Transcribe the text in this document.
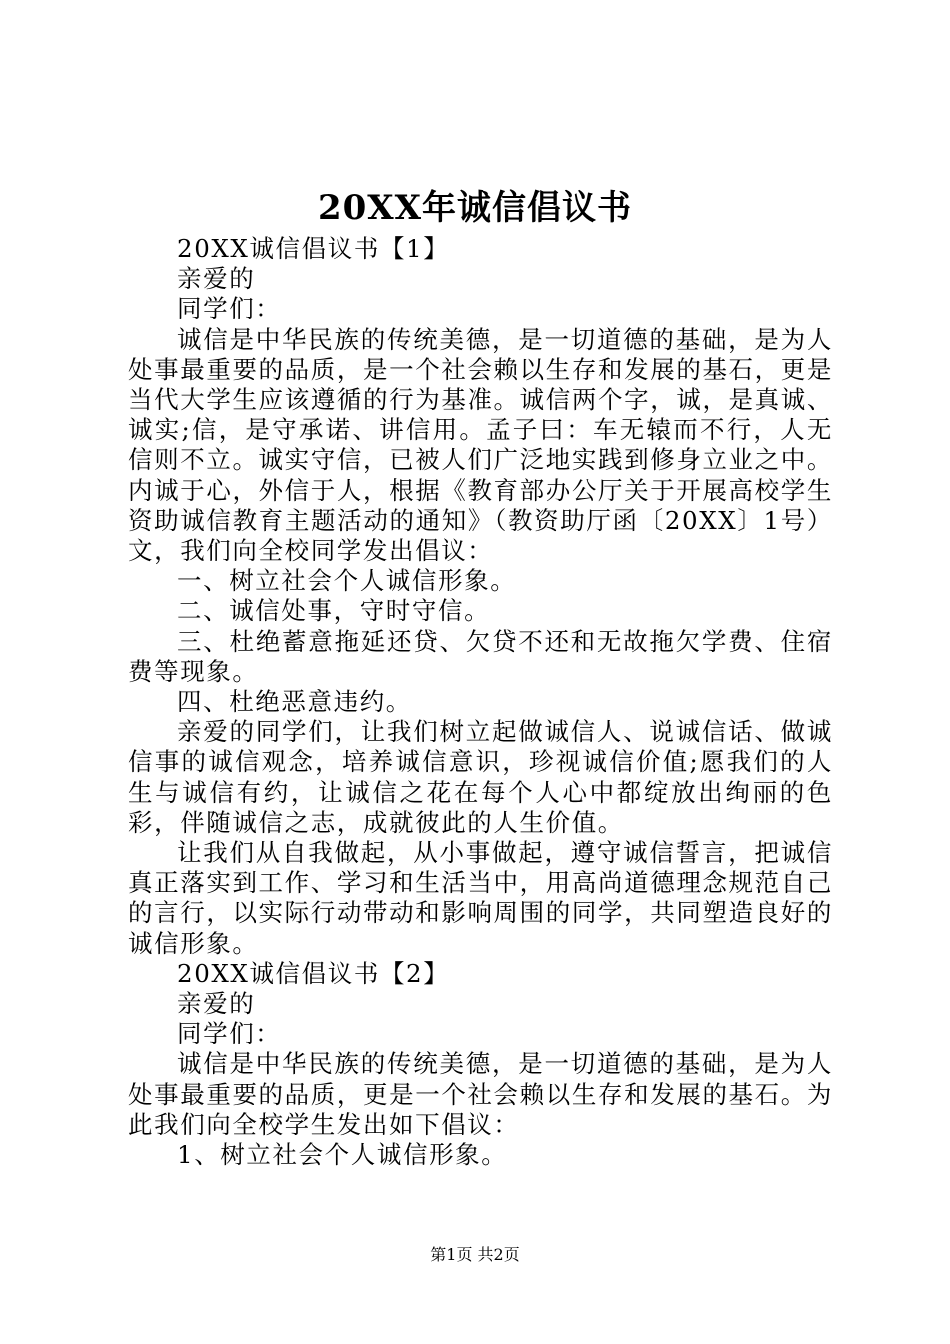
20XX年诚信倡议书

20XX诚信倡议书【1】

亲爱的

同学们：

诚信是中华民族的传统美德，是一切道德的基础，是为人处事最重要的品质，是一个社会赖以生存和发展的基石，更是当代大学生应该遵循的行为基准。诚信两个字，诚，是真诚、诚实;信，是守承诺、讲信用。孟子曰：车无辕而不行，人无信则不立。诚实守信，已被人们广泛地实践到修身立业之中。内诚于心，外信于人，根据《教育部办公厅关于开展高校学生资助诚信教育主题活动的通知》（教资助厅函〔20XX〕1号）文，我们向全校同学发出倡议：

一、树立社会个人诚信形象。

二、诚信处事，守时守信。

三、杜绝蓄意拖延还贷、欠贷不还和无故拖欠学费、住宿费等现象。

四、杜绝恶意违约。

亲爱的同学们，让我们树立起做诚信人、说诚信话、做诚信事的诚信观念，培养诚信意识，珍视诚信价值;愿我们的人生与诚信有约，让诚信之花在每个人心中都绽放出绚丽的色彩，伴随诚信之志，成就彼此的人生价值。

让我们从自我做起，从小事做起，遵守诚信誓言，把诚信真正落实到工作、学习和生活当中，用高尚道德理念规范自己的言行，以实际行动带动和影响周围的同学，共同塑造良好的诚信形象。

20XX诚信倡议书【2】

亲爱的

同学们：

诚信是中华民族的传统美德，是一切道德的基础，是为人处事最重要的品质，更是一个社会赖以生存和发展的基石。为此我们向全校学生发出如下倡议：

1、树立社会个人诚信形象。

第1页 共2页
